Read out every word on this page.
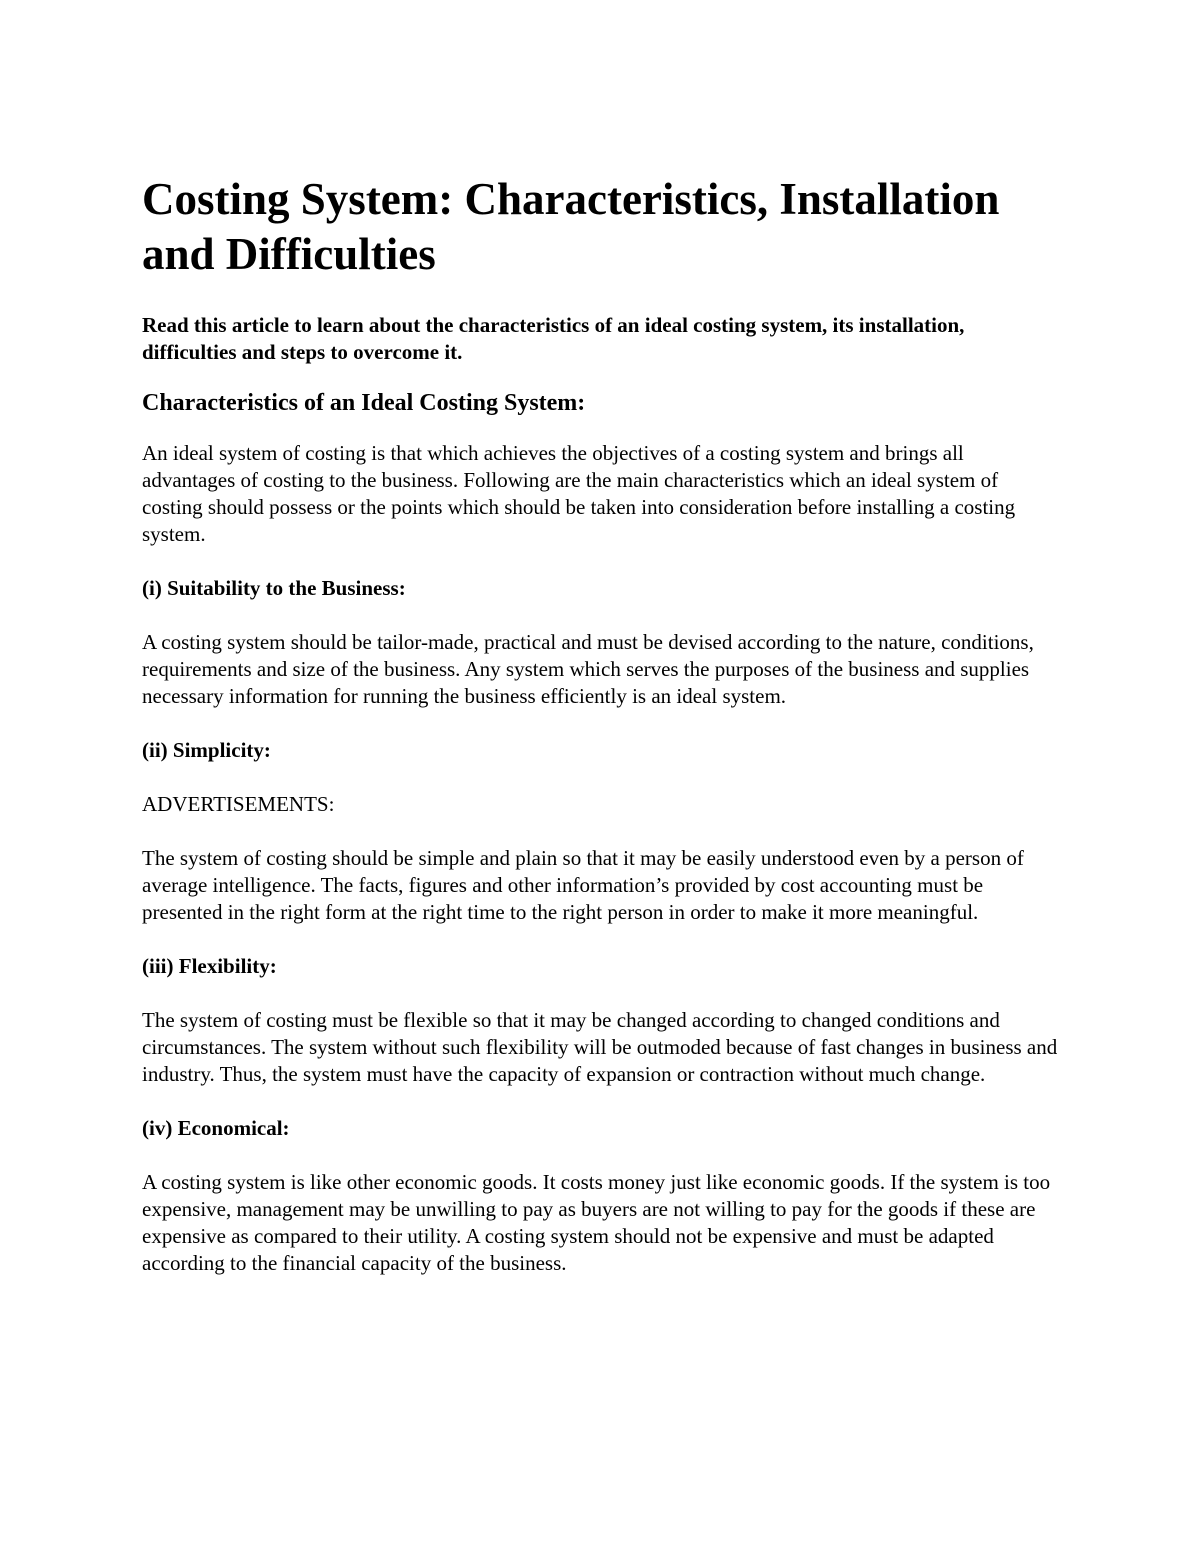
Costing System: Characteristics, Installation and Difficulties
Read this article to learn about the characteristics of an ideal costing system, its installation, difficulties and steps to overcome it.
Characteristics of an Ideal Costing System:

An ideal system of costing is that which achieves the objectives of a costing system and brings all advantages of costing to the business. Following are the main characteristics which an ideal system of costing should possess or the points which should be taken into consideration before installing a costing system.

(i) Suitability to the Business:

A costing system should be tailor-made, practical and must be devised according to the nature, conditions, requirements and size of the business. Any system which serves the purposes of the business and supplies necessary information for running the business efficiently is an ideal system.

(ii) Simplicity:

ADVERTISEMENTS:

The system of costing should be simple and plain so that it may be easily understood even by a person of average intelligence. The facts, figures and other information’s provided by cost accounting must be presented in the right form at the right time to the right person in order to make it more meaningful.

(iii) Flexibility:

The system of costing must be flexible so that it may be changed according to changed conditions and circumstances. The system without such flexibility will be outmoded because of fast changes in business and industry. Thus, the system must have the capacity of expansion or contraction without much change.

(iv) Economical:

A costing system is like other economic goods. It costs money just like economic goods. If the system is too expensive, management may be unwilling to pay as buyers are not willing to pay for the goods if these are expensive as compared to their utility. A costing system should not be expensive and must be adapted according to the financial capacity of the business.
